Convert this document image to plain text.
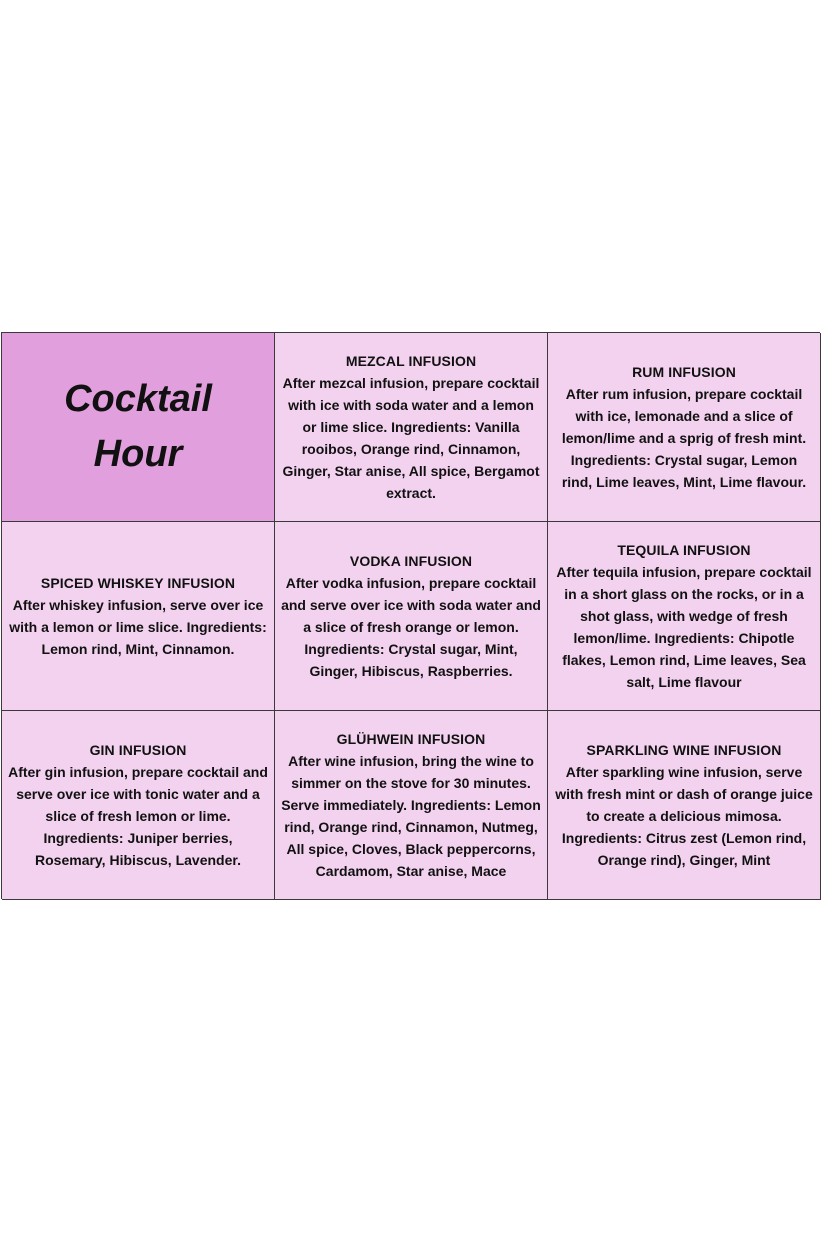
Cocktail
Hour
MEZCAL INFUSION
After mezcal infusion, prepare cocktail with ice with soda water and a lemon or lime slice. Ingredients: Vanilla rooibos, Orange rind, Cinnamon, Ginger, Star anise, All spice, Bergamot extract.
RUM INFUSION
After rum infusion, prepare cocktail with ice, lemonade and a slice of lemon/lime and a sprig of fresh mint. Ingredients: Crystal sugar, Lemon rind, Lime leaves, Mint, Lime flavour.
SPICED WHISKEY INFUSION
After whiskey infusion, serve over ice with a lemon or lime slice. Ingredients: Lemon rind, Mint, Cinnamon.
VODKA INFUSION
After vodka infusion, prepare cocktail and serve over ice with soda water and a slice of fresh orange or lemon. Ingredients: Crystal sugar, Mint, Ginger, Hibiscus, Raspberries.
TEQUILA INFUSION
After tequila infusion, prepare cocktail in a short glass on the rocks, or in a shot glass, with wedge of fresh lemon/lime. Ingredients: Chipotle flakes, Lemon rind, Lime leaves, Sea salt, Lime flavour
GIN INFUSION
After gin infusion, prepare cocktail and serve over ice with tonic water and a slice of fresh lemon or lime. Ingredients: Juniper berries, Rosemary, Hibiscus, Lavender.
GLÜHWEIN INFUSION
After wine infusion, bring the wine to simmer on the stove for 30 minutes. Serve immediately. Ingredients: Lemon rind, Orange rind, Cinnamon, Nutmeg, All spice, Cloves, Black peppercorns, Cardamom, Star anise, Mace
SPARKLING WINE INFUSION
After sparkling wine infusion, serve with fresh mint or dash of orange juice to create a delicious mimosa. Ingredients: Citrus zest (Lemon rind, Orange rind), Ginger, Mint
